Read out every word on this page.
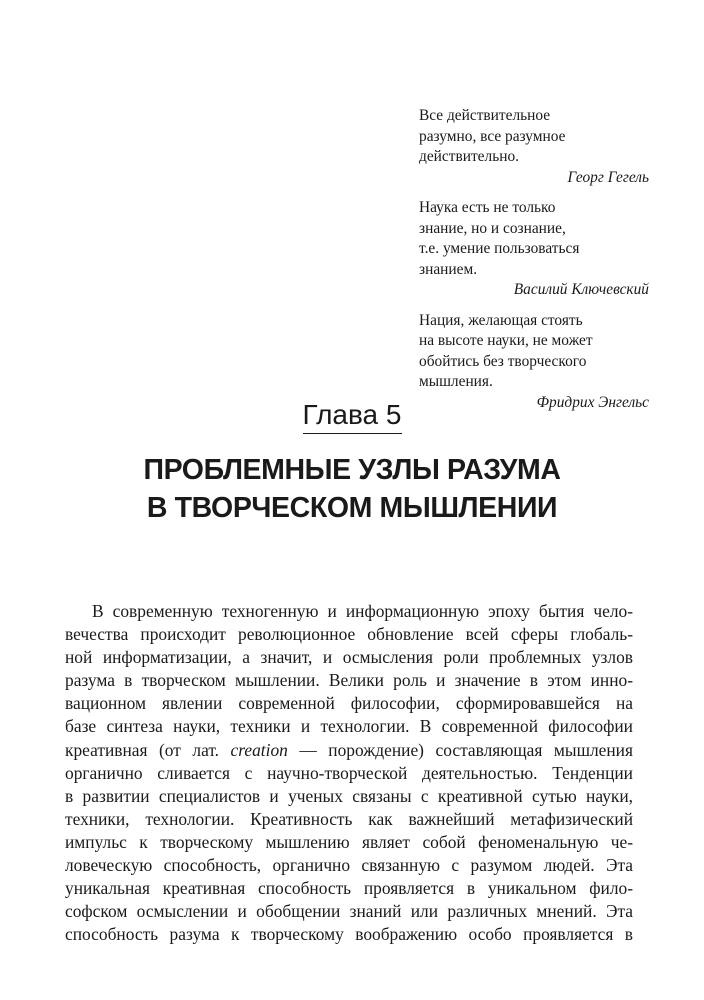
Все действительное
разумно, все разумное
действительно.
Георг Гегель
Наука есть не только
знание, но и сознание,
т.е. умение пользоваться
знанием.
Василий Ключевский
Нация, желающая стоять
на высоте науки, не может
обойтись без творческого
мышления.
Фридрих Энгельс
Глава 5
ПРОБЛЕМНЫЕ УЗЛЫ РАЗУМА
В ТВОРЧЕСКОМ МЫШЛЕНИИ
В современную техногенную и информационную эпоху бытия чело-
вечества происходит революционное обновление всей сферы глобаль-
ной информатизации, а значит, и осмысления роли проблемных узлов
разума в творческом мышлении. Велики роль и значение в этом инно-
вационном явлении современной философии, сформировавшейся на
базе синтеза науки, техники и технологии. В современной философии
креативная (от лат. creation — порождение) составляющая мышления
органично сливается с научно-творческой деятельностью. Тенденции
в развитии специалистов и ученых связаны с креативной сутью науки,
техники, технологии. Креативность как важнейший метафизический
импульс к творческому мышлению являет собой феноменальную че-
ловеческую способность, органично связанную с разумом людей. Эта
уникальная креативная способность проявляется в уникальном фило-
софском осмыслении и обобщении знаний или различных мнений. Эта
способность разума к творческому воображению особо проявляется в
